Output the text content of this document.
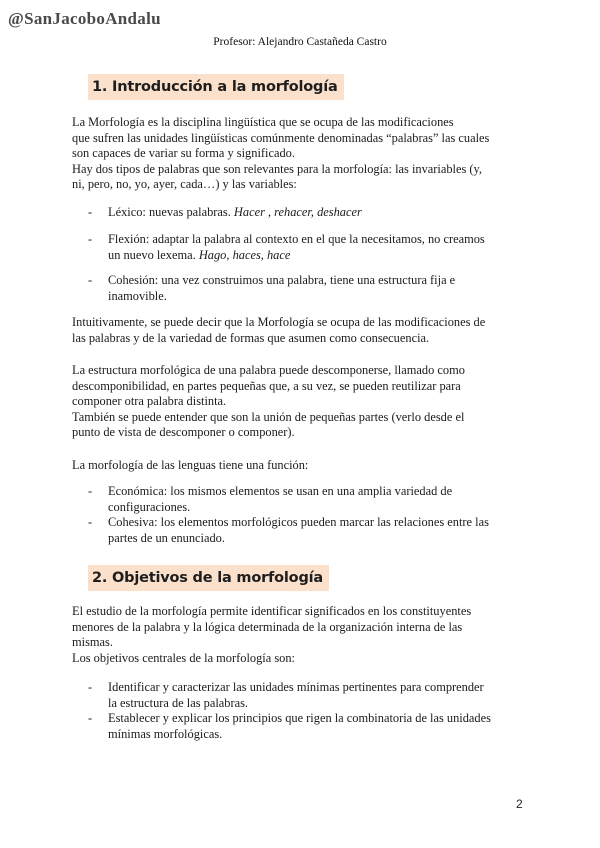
@SanJacoboAndalu
Profesor: Alejandro Castañeda Castro
1. Introducción a la morfología
La Morfología es la disciplina lingüística que se ocupa de las modificaciones
que sufren las unidades lingüísticas comúnmente denominadas “palabras” las cuales
son capaces de variar su forma y significado.
Hay dos tipos de palabras que son relevantes para la morfología: las invariables (y,
ni, pero, no, yo, ayer, cada…) y las variables:
- Léxico: nuevas palabras. Hacer , rehacer, deshacer
- Flexión: adaptar la palabra al contexto en el que la necesitamos, no creamos
un nuevo lexema. Hago, haces, hace
- Cohesión: una vez construimos una palabra, tiene una estructura fija e
inamovible.
Intuitivamente, se puede decir que la Morfología se ocupa de las modificaciones de
las palabras y de la variedad de formas que asumen como consecuencia.
La estructura morfológica de una palabra puede descomponerse, llamado como
descomponibilidad, en partes pequeñas que, a su vez, se pueden reutilizar para
componer otra palabra distinta.
También se puede entender que son la unión de pequeñas partes (verlo desde el
punto de vista de descomponer o componer).
La morfología de las lenguas tiene una función:
- Económica: los mismos elementos se usan en una amplia variedad de
configuraciones.
- Cohesiva: los elementos morfológicos pueden marcar las relaciones entre las
partes de un enunciado.
2. Objetivos de la morfología
El estudio de la morfología permite identificar significados en los constituyentes
menores de la palabra y la lógica determinada de la organización interna de las
mismas.
Los objetivos centrales de la morfología son:
- Identificar y caracterizar las unidades mínimas pertinentes para comprender
la estructura de las palabras.
- Establecer y explicar los principios que rigen la combinatoria de las unidades
mínimas morfológicas.
2
